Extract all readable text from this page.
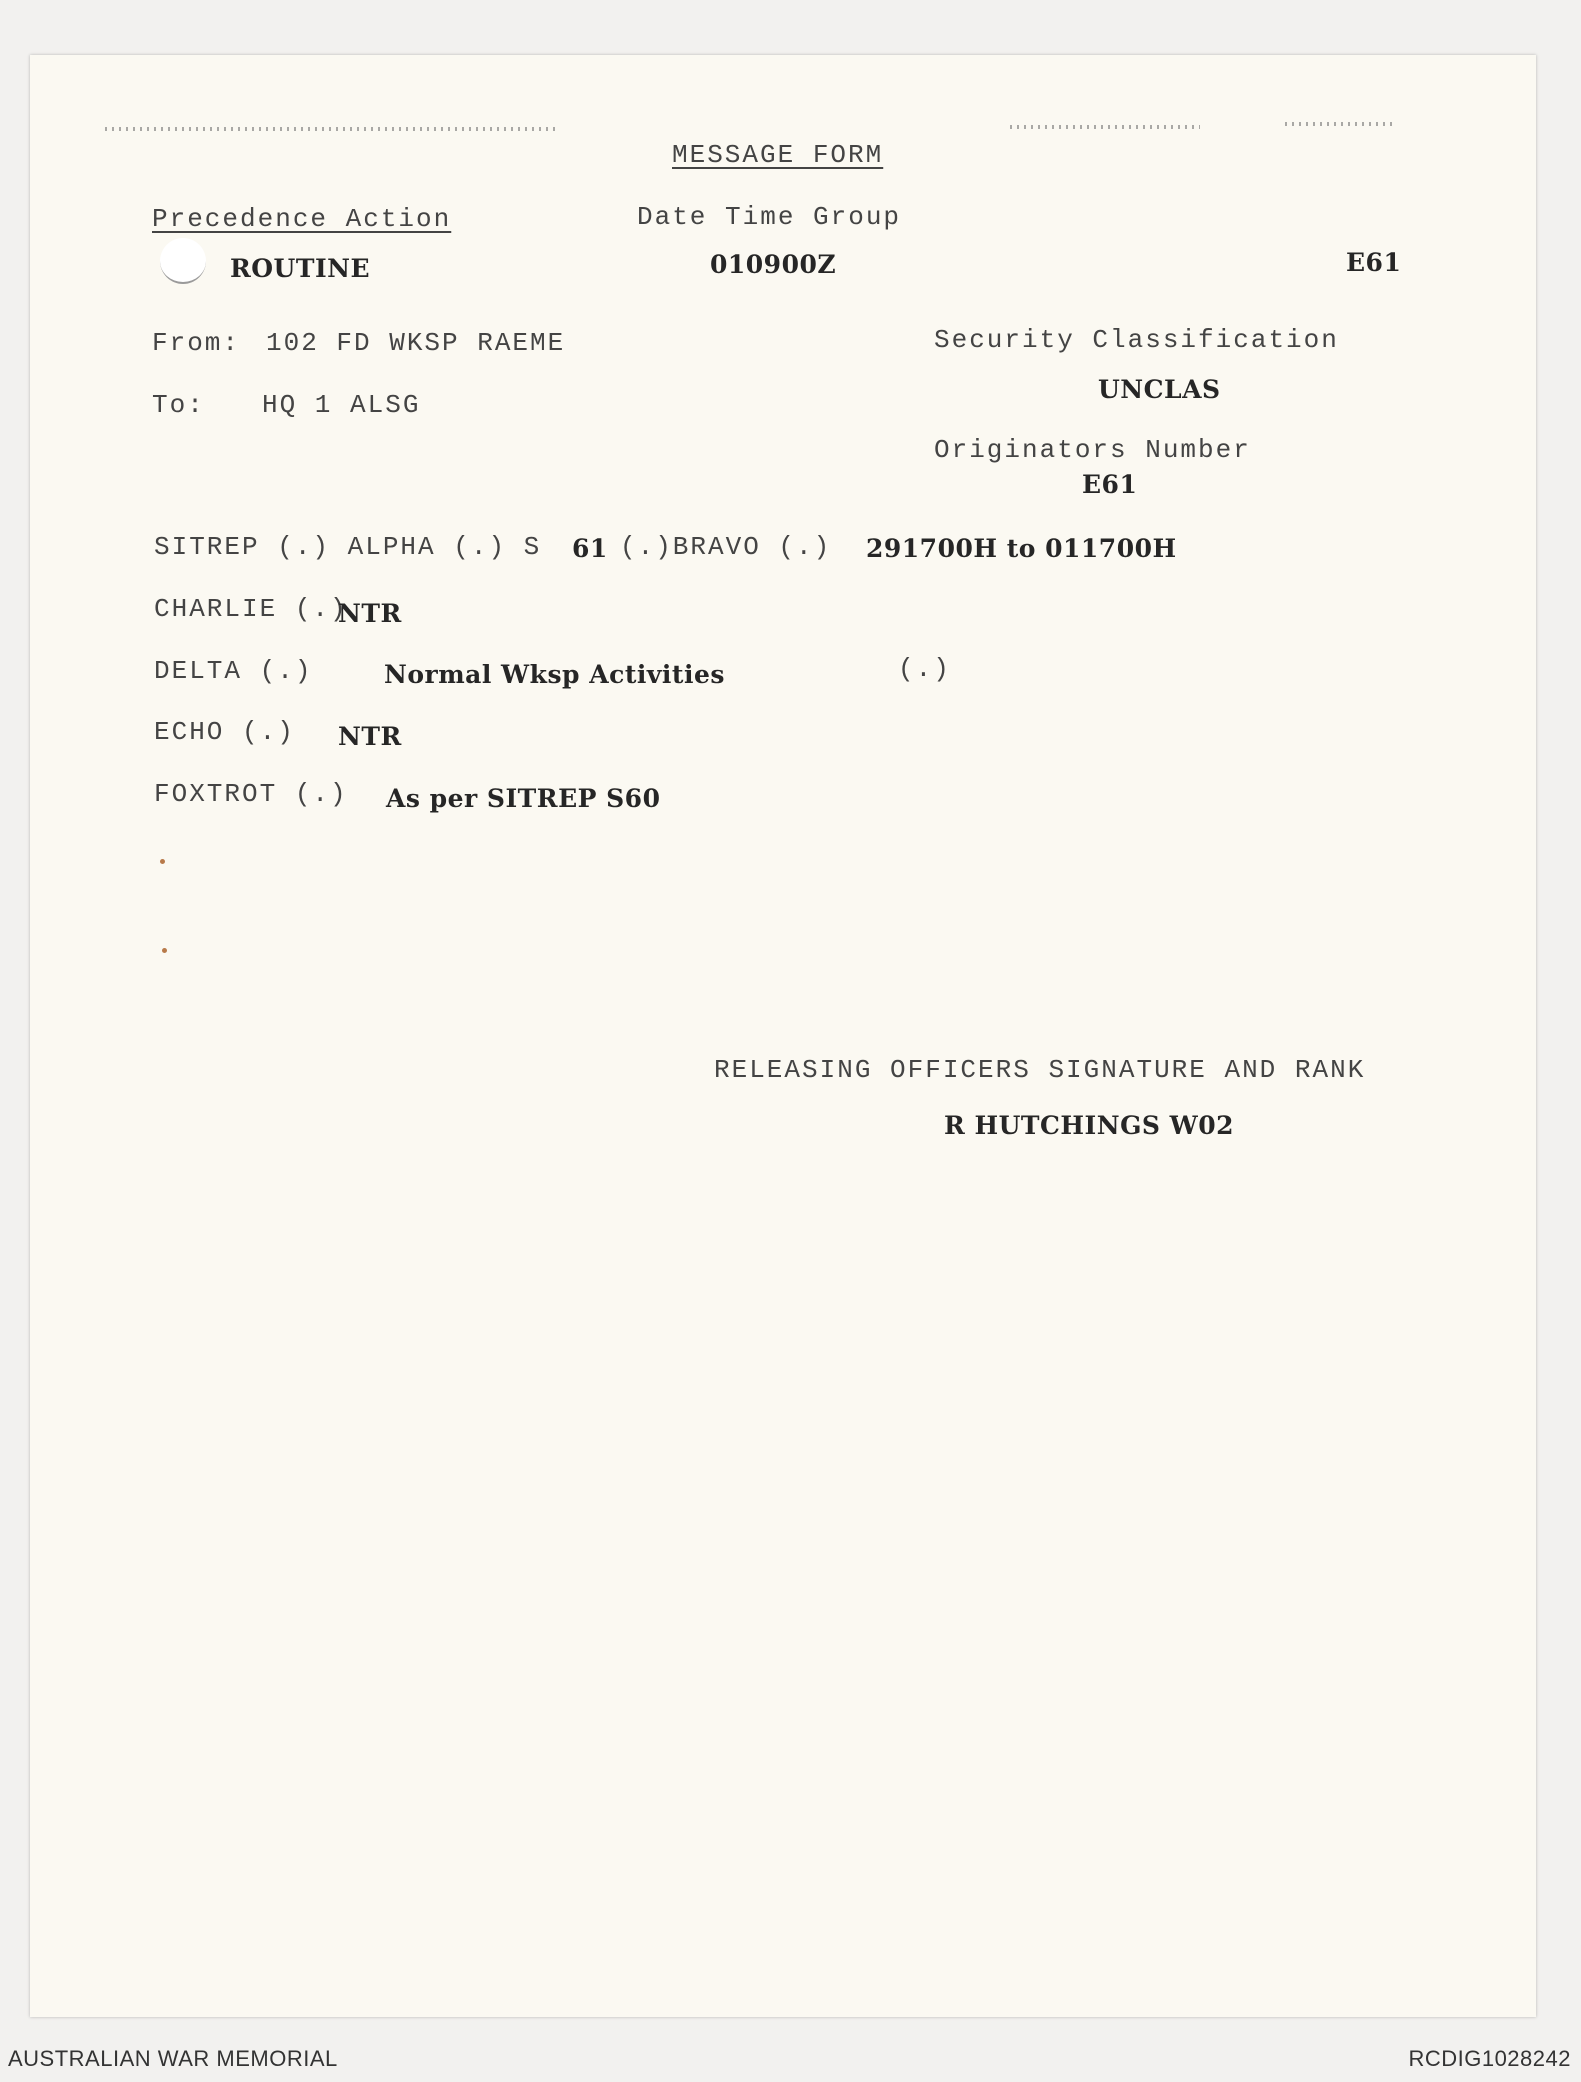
MESSAGE FORM
Precedence Action
ROUTINE
Date Time Group
010900Z	E61
From: 102 FD WKSP RAEME
To: HQ 1 ALSG
Security Classification
UNCLAS
Originators Number
E61
SITREP (.) ALPHA (.) S 61 (.)BRAVO (.) 291700H to 011700H
CHARLIE (.)
NTR
DELTA (.)	Normal Wksp Activities	(.)
ECHO (.) NTR
FOXTROT (.) As per SITREP S60
RELEASING OFFICERS SIGNATURE AND RANK
R HUTCHINGS W02
AUSTRALIAN WAR MEMORIAL	RCDIG1028242
